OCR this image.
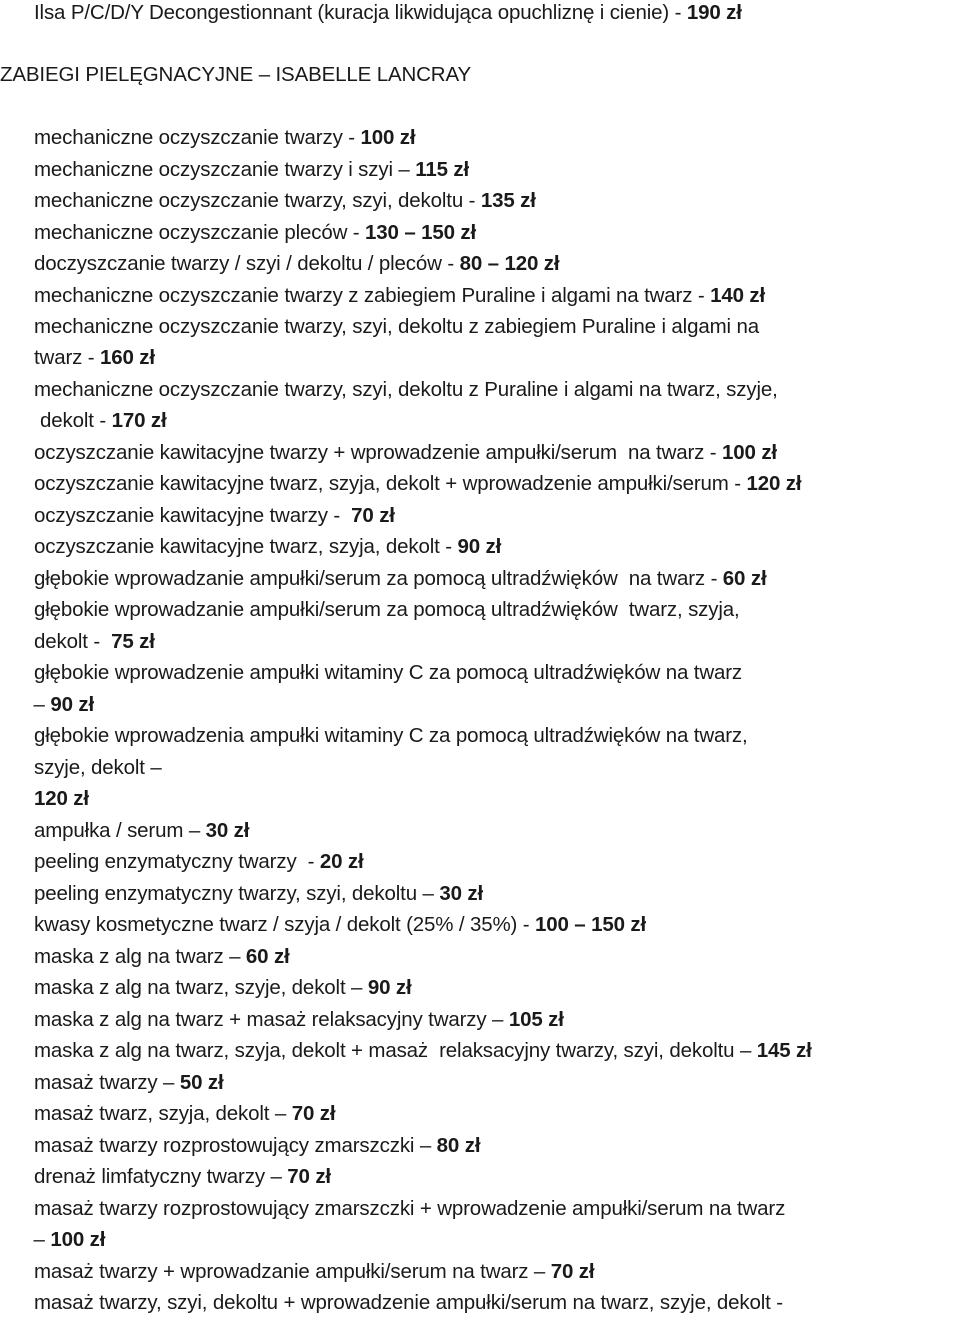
Ilsa P/C/D/Y Decongestionnant (kuracja likwidująca opuchliznę i cienie) - 190 zł
ZABIEGI PIELĘGNACYJNE – ISABELLE LANCRAY
mechaniczne oczyszczanie twarzy - 100 zł
mechaniczne oczyszczanie twarzy i szyi – 115 zł
mechaniczne oczyszczanie twarzy, szyi, dekoltu - 135 zł
mechaniczne oczyszczanie pleców - 130 – 150 zł
doczyszczanie twarzy / szyi / dekoltu / pleców - 80 – 120 zł
mechaniczne oczyszczanie twarzy z zabiegiem Puraline i algami na twarz - 140 zł
mechaniczne oczyszczanie twarzy, szyi, dekoltu z zabiegiem Puraline i algami na
twarz - 160 zł
mechaniczne oczyszczanie twarzy, szyi, dekoltu z Puraline i algami na twarz, szyje,
dekolt - 170 zł
oczyszczanie kawitacyjne twarzy + wprowadzenie ampułki/serum  na twarz - 100 zł
oczyszczanie kawitacyjne twarz, szyja, dekolt + wprowadzenie ampułki/serum - 120 zł
oczyszczanie kawitacyjne twarzy -  70 zł
oczyszczanie kawitacyjne twarz, szyja, dekolt - 90 zł
głębokie wprowadzanie ampułki/serum za pomocą ultradźwięków  na twarz - 60 zł
głębokie wprowadzanie ampułki/serum za pomocą ultradźwięków  twarz, szyja,
dekolt -  75 zł
głębokie wprowadzenie ampułki witaminy C za pomocą ultradźwięków na twarz
– 90 zł
głębokie wprowadzenia ampułki witaminy C za pomocą ultradźwięków na twarz,
szyje, dekolt –
120 zł
ampułka / serum – 30 zł
peeling enzymatyczny twarzy  - 20 zł
peeling enzymatyczny twarzy, szyi, dekoltu – 30 zł
kwasy kosmetyczne twarz / szyja / dekolt (25% / 35%) - 100 – 150 zł
maska z alg na twarz – 60 zł
maska z alg na twarz, szyje, dekolt – 90 zł
maska z alg na twarz + masaż relaksacyjny twarzy – 105 zł
maska z alg na twarz, szyja, dekolt + masaż  relaksacyjny twarzy, szyi, dekoltu – 145 zł
masaż twarzy – 50 zł
masaż twarz, szyja, dekolt – 70 zł
masaż twarzy rozprostowujący zmarszczki – 80 zł
drenaż limfatyczny twarzy – 70 zł
masaż twarzy rozprostowujący zmarszczki + wprowadzenie ampułki/serum na twarz
– 100 zł
masaż twarzy + wprowadzanie ampułki/serum na twarz – 70 zł
masaż twarzy, szyi, dekoltu + wprowadzenie ampułki/serum na twarz, szyje, dekolt -
